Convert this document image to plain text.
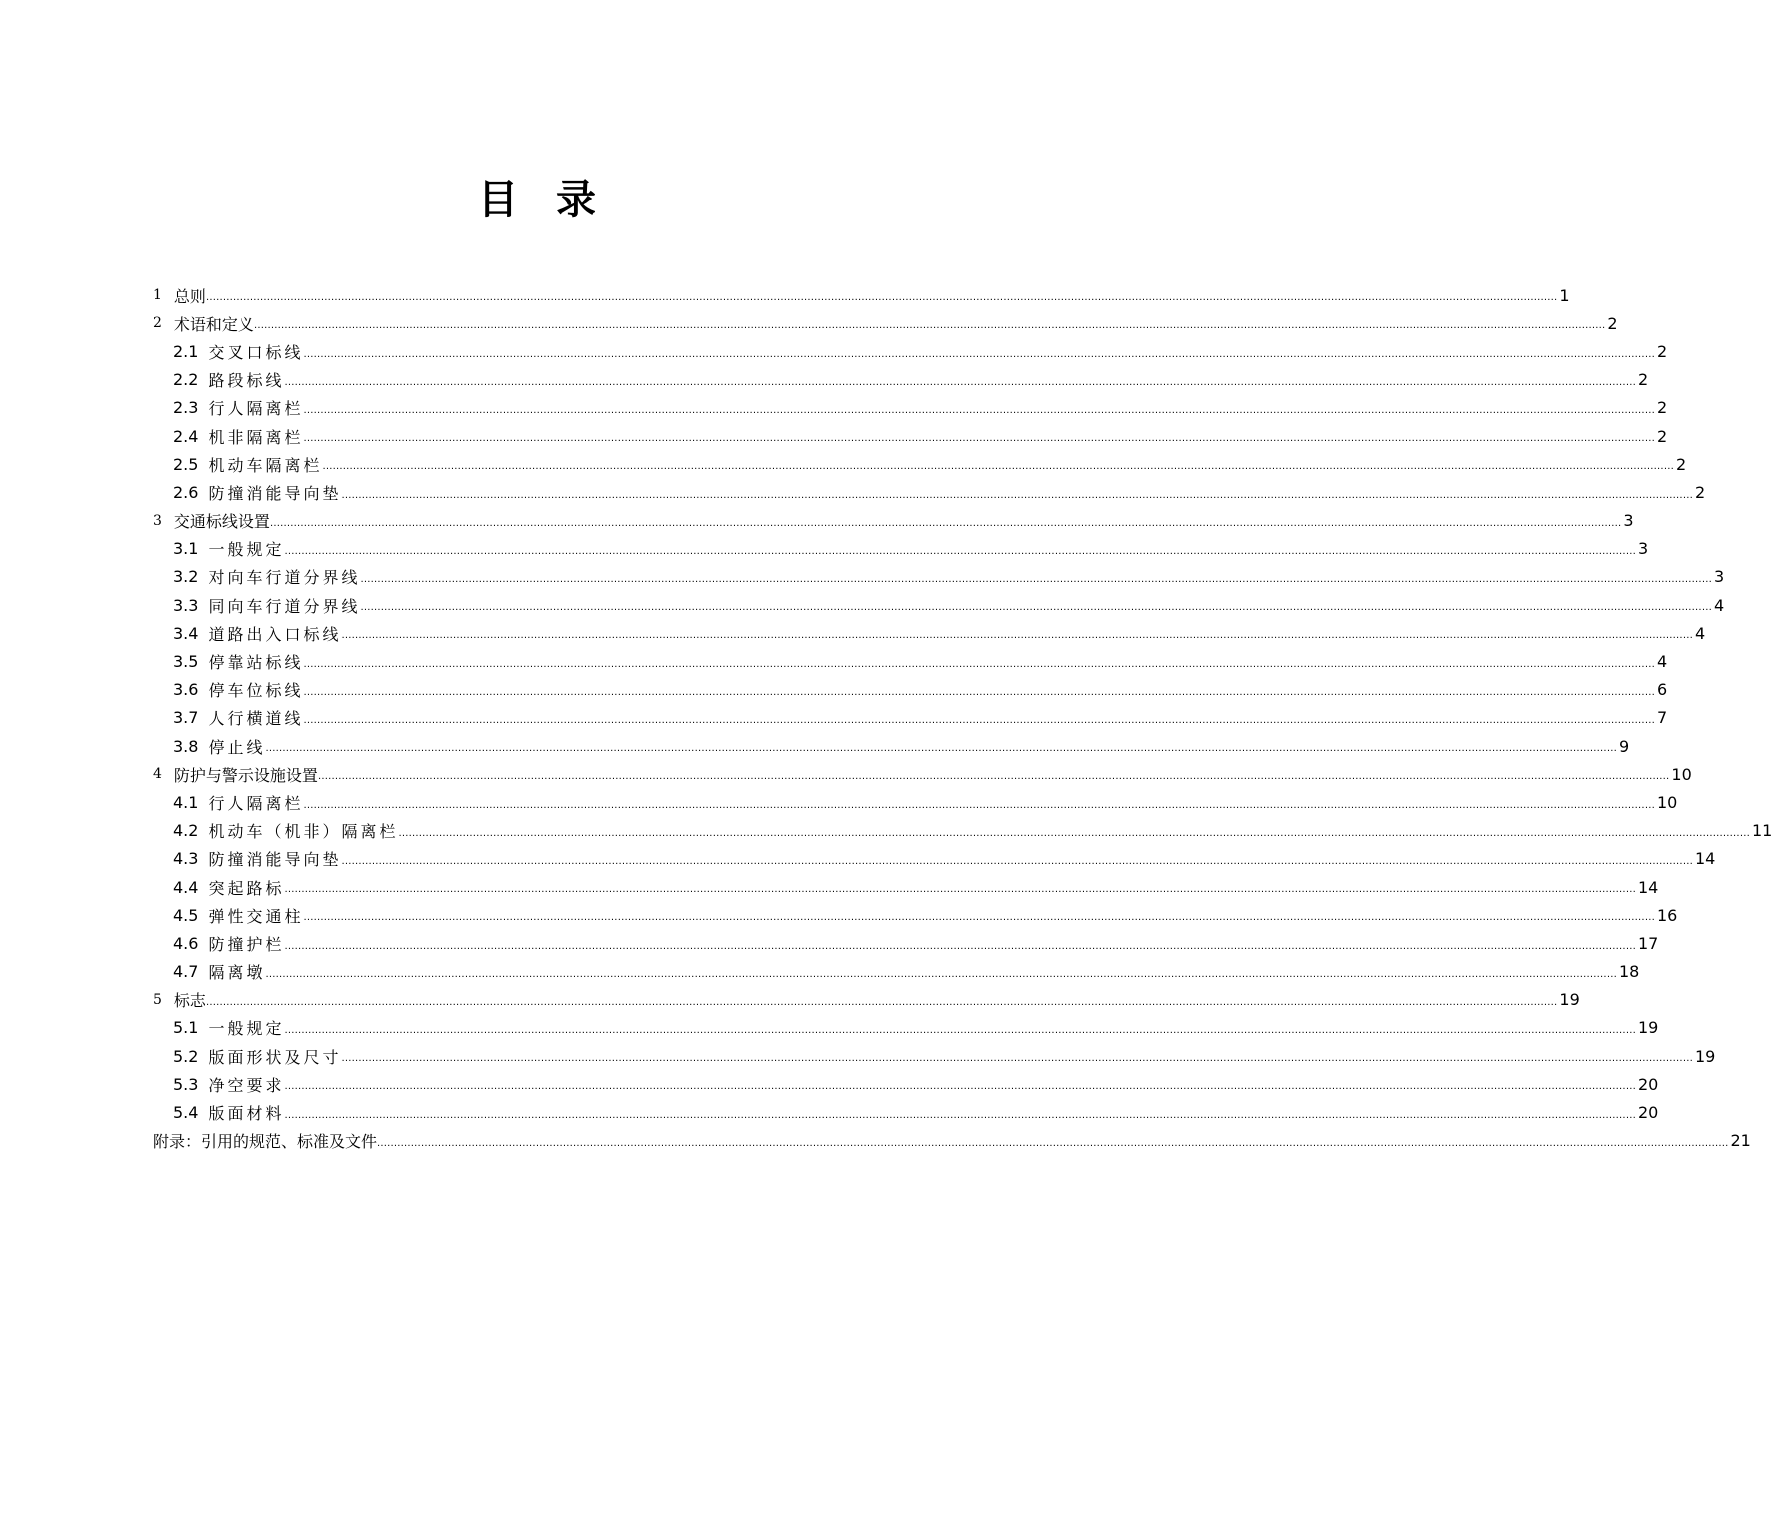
目 录
1 总则 ................................................................................................................................................................................................................................................................................................................................................................................................................ 1
2 术语和定义 ................................................................................................................................................................................................................................................................................................................................................................................................................ 2
2.1 交叉口标线 ................................................................................................................................................................................................................................................................................................................................................................................................................ 2
2.2 路段标线 ................................................................................................................................................................................................................................................................................................................................................................................................................ 2
2.3 行人隔离栏 ................................................................................................................................................................................................................................................................................................................................................................................................................ 2
2.4 机非隔离栏 ................................................................................................................................................................................................................................................................................................................................................................................................................ 2
2.5 机动车隔离栏 ................................................................................................................................................................................................................................................................................................................................................................................................................ 2
2.6 防撞消能导向垫 ................................................................................................................................................................................................................................................................................................................................................................................................................ 2
3 交通标线设置 ................................................................................................................................................................................................................................................................................................................................................................................................................ 3
3.1 一般规定 ................................................................................................................................................................................................................................................................................................................................................................................................................ 3
3.2 对向车行道分界线 ................................................................................................................................................................................................................................................................................................................................................................................................................ 3
3.3 同向车行道分界线 ................................................................................................................................................................................................................................................................................................................................................................................................................ 4
3.4 道路出入口标线 ................................................................................................................................................................................................................................................................................................................................................................................................................ 4
3.5 停靠站标线 ................................................................................................................................................................................................................................................................................................................................................................................................................ 4
3.6 停车位标线 ................................................................................................................................................................................................................................................................................................................................................................................................................ 6
3.7 人行横道线 ................................................................................................................................................................................................................................................................................................................................................................................................................ 7
3.8 停止线 ................................................................................................................................................................................................................................................................................................................................................................................................................ 9
4 防护与警示设施设置 ................................................................................................................................................................................................................................................................................................................................................................................................................ 10
4.1 行人隔离栏 ................................................................................................................................................................................................................................................................................................................................................................................................................ 10
4.2 机动车（机非）隔离栏 ................................................................................................................................................................................................................................................................................................................................................................................................................ 11
4.3 防撞消能导向垫 ................................................................................................................................................................................................................................................................................................................................................................................................................ 14
4.4 突起路标 ................................................................................................................................................................................................................................................................................................................................................................................................................ 14
4.5 弹性交通柱 ................................................................................................................................................................................................................................................................................................................................................................................................................ 16
4.6 防撞护栏 ................................................................................................................................................................................................................................................................................................................................................................................................................ 17
4.7 隔离墩 ................................................................................................................................................................................................................................................................................................................................................................................................................ 18
5 标志 ................................................................................................................................................................................................................................................................................................................................................................................................................ 19
5.1 一般规定 ................................................................................................................................................................................................................................................................................................................................................................................................................ 19
5.2 版面形状及尺寸 ................................................................................................................................................................................................................................................................................................................................................................................................................ 19
5.3 净空要求 ................................................................................................................................................................................................................................................................................................................................................................................................................ 20
5.4 版面材料 ................................................................................................................................................................................................................................................................................................................................................................................................................ 20
附录：引用的规范、标准及文件 ................................................................................................................................................................................................................................................................................................................................................................................................................ 21
